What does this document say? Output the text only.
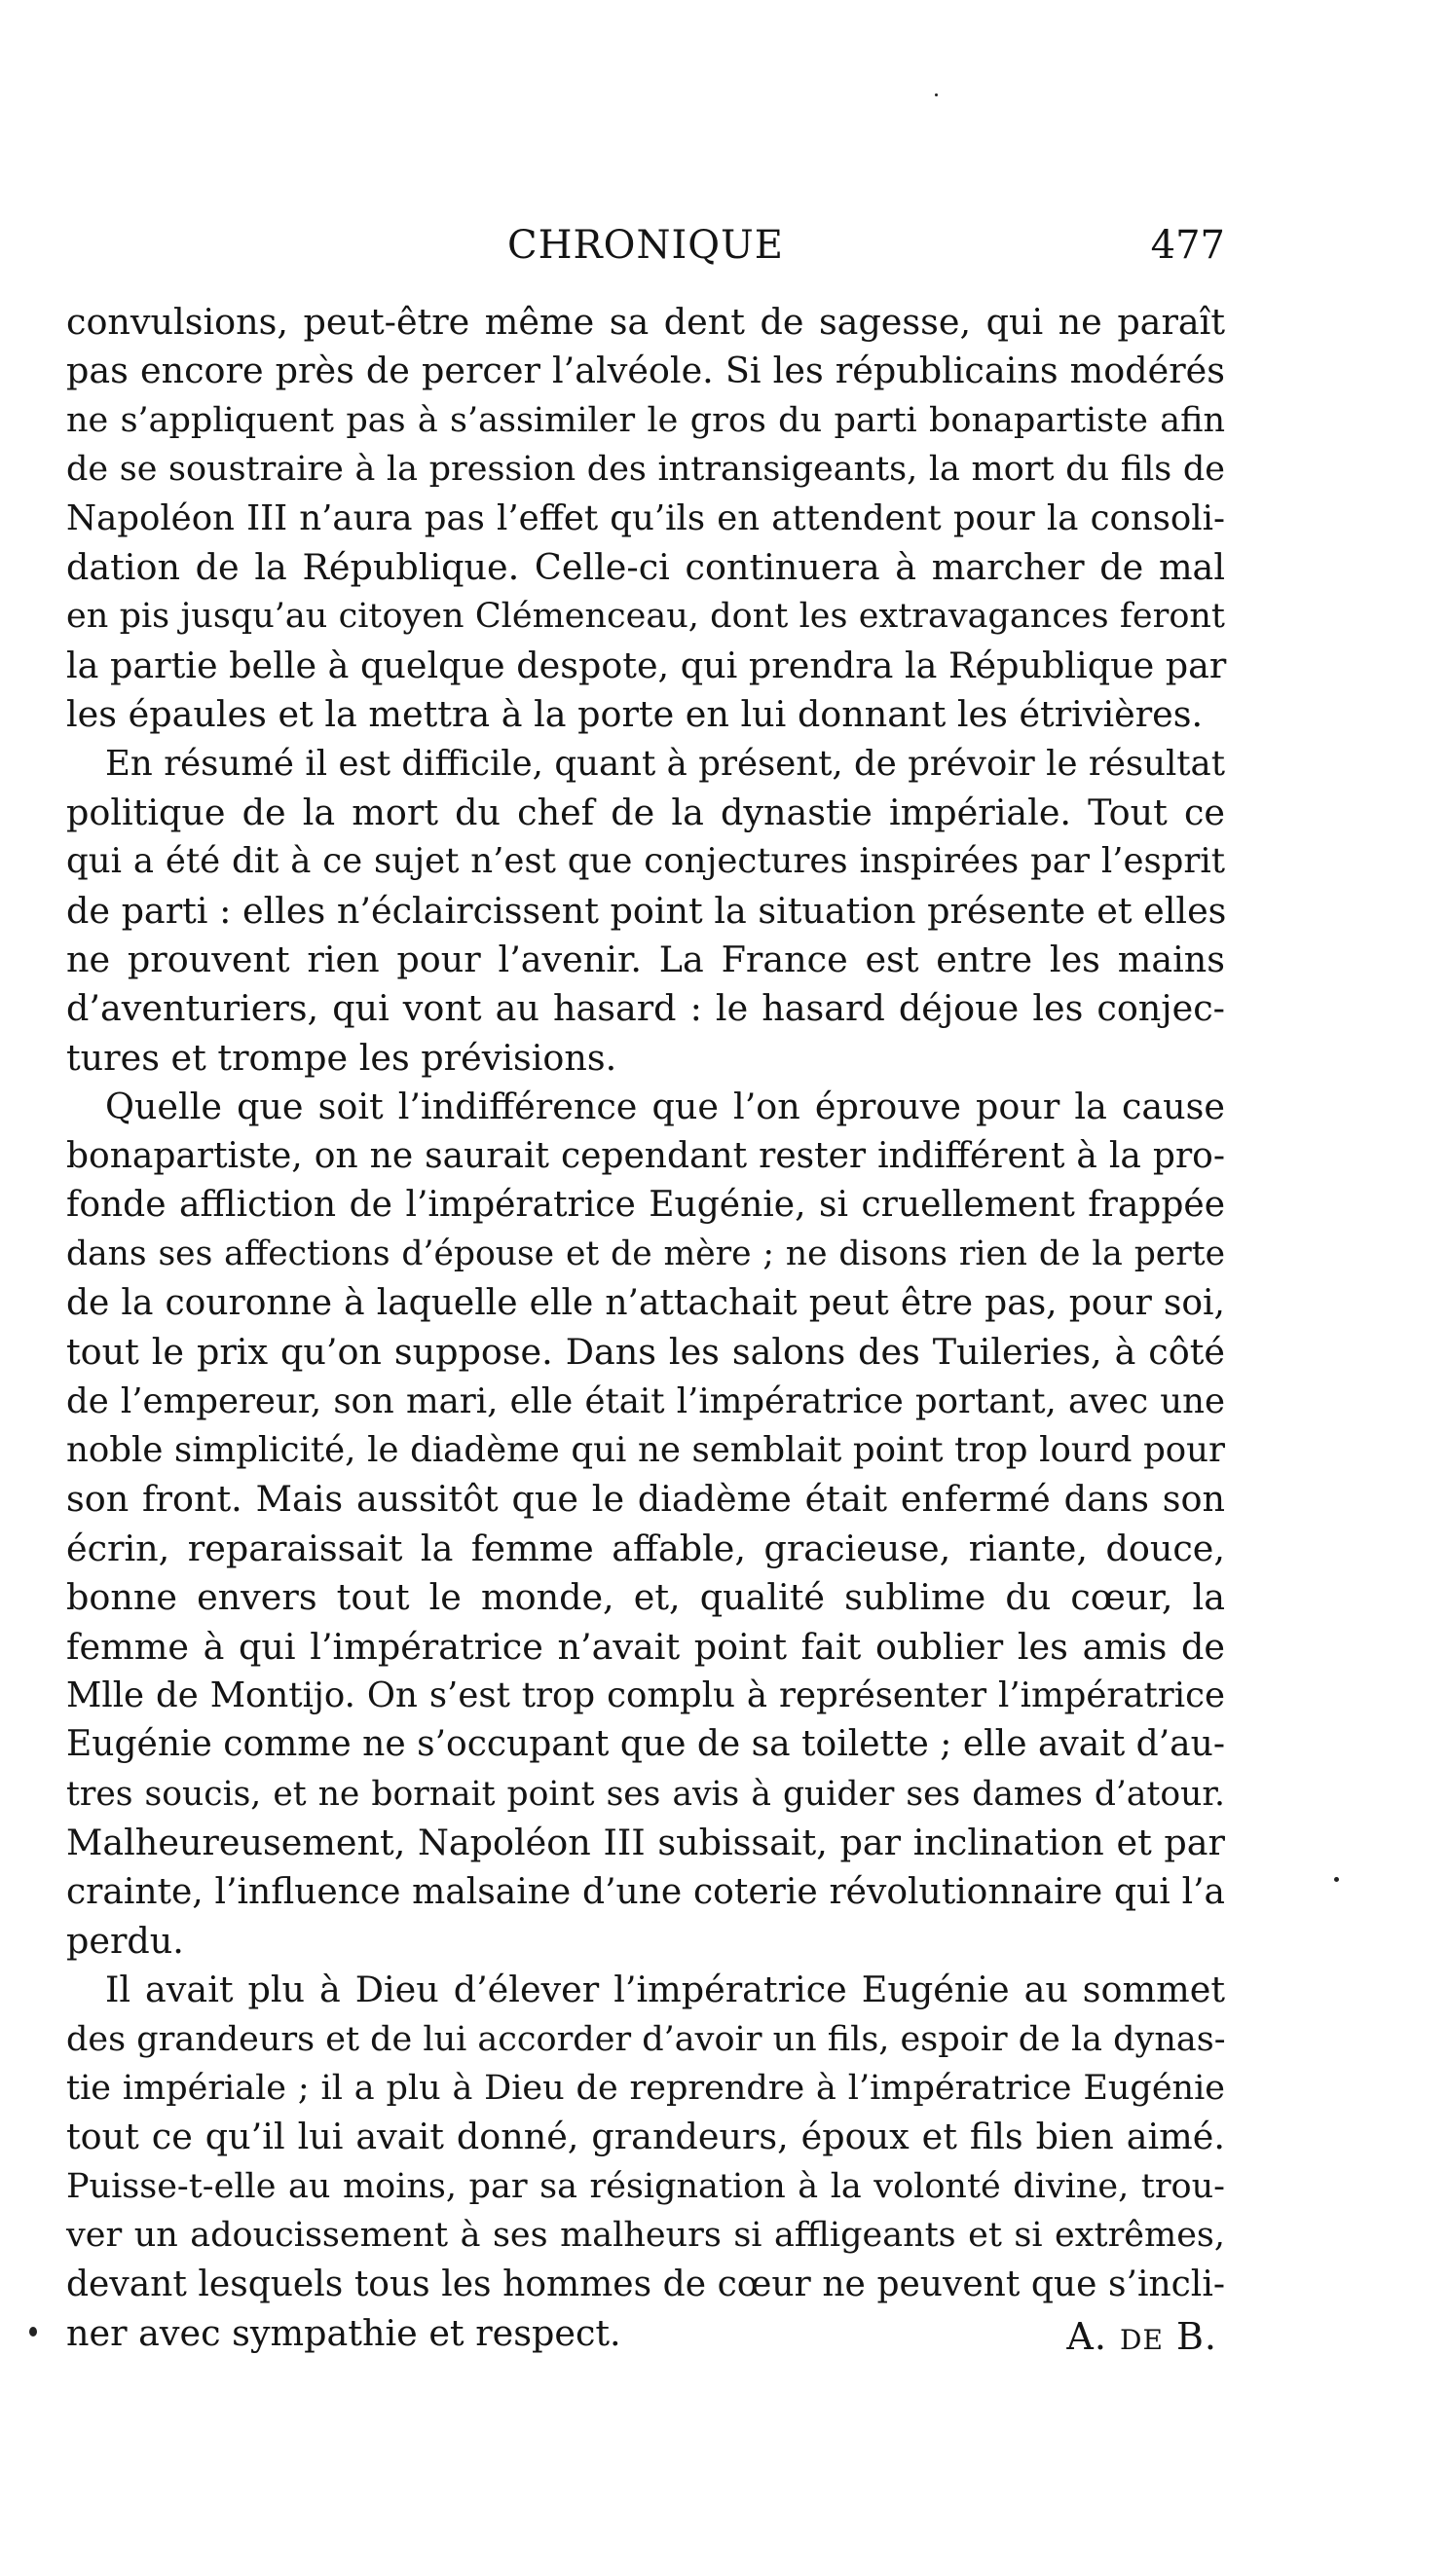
CHRONIQUE	477
convulsions, peut-être même sa dent de sagesse, qui ne paraît
pas encore près de percer l’alvéole. Si les républicains modérés
ne s’appliquent pas à s’assimiler le gros du parti bonapartiste afin
de se soustraire à la pression des intransigeants, la mort du fils de
Napoléon III n’aura pas l’effet qu’ils en attendent pour la consoli-
dation de la République. Celle-ci continuera à marcher de mal
en pis jusqu’au citoyen Clémenceau, dont les extravagances feront
la partie belle à quelque despote, qui prendra la République par
les épaules et la mettra à la porte en lui donnant les étrivières.
En résumé il est difficile, quant à présent, de prévoir le résultat
politique de la mort du chef de la dynastie impériale. Tout ce
qui a été dit à ce sujet n’est que conjectures inspirées par l’esprit
de parti : elles n’éclaircissent point la situation présente et elles
ne prouvent rien pour l’avenir. La France est entre les mains
d’aventuriers, qui vont au hasard : le hasard déjoue les conjec-
tures et trompe les prévisions.
Quelle que soit l’indifférence que l’on éprouve pour la cause
bonapartiste, on ne saurait cependant rester indifférent à la pro-
fonde affliction de l’impératrice Eugénie, si cruellement frappée
dans ses affections d’épouse et de mère ; ne disons rien de la perte
de la couronne à laquelle elle n’attachait peut être pas, pour soi,
tout le prix qu’on suppose. Dans les salons des Tuileries, à côté
de l’empereur, son mari, elle était l’impératrice portant, avec une
noble simplicité, le diadème qui ne semblait point trop lourd pour
son front. Mais aussitôt que le diadème était enfermé dans son
écrin, reparaissait la femme affable, gracieuse, riante, douce,
bonne envers tout le monde, et, qualité sublime du cœur, la
femme à qui l’impératrice n’avait point fait oublier les amis de
Mlle de Montijo. On s’est trop complu à représenter l’impératrice
Eugénie comme ne s’occupant que de sa toilette ; elle avait d’au-
tres soucis, et ne bornait point ses avis à guider ses dames d’atour.
Malheureusement, Napoléon III subissait, par inclination et par
crainte, l’influence malsaine d’une coterie révolutionnaire qui l’a
perdu.
Il avait plu à Dieu d’élever l’impératrice Eugénie au sommet
des grandeurs et de lui accorder d’avoir un fils, espoir de la dynas-
tie impériale ; il a plu à Dieu de reprendre à l’impératrice Eugénie
tout ce qu’il lui avait donné, grandeurs, époux et fils bien aimé.
Puisse-t-elle au moins, par sa résignation à la volonté divine, trou-
ver un adoucissement à ses malheurs si affligeants et si extrêmes,
devant lesquels tous les hommes de cœur ne peuvent que s’incli-
ner avec sympathie et respect.	A. DE B.
